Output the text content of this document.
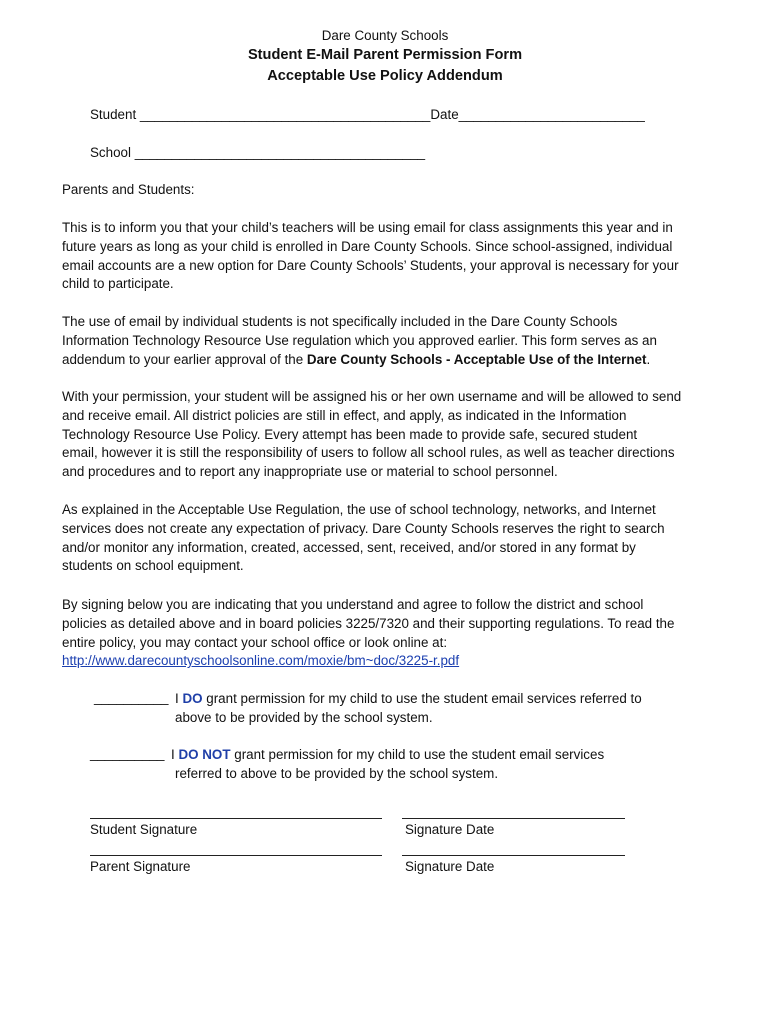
Dare County Schools
Student E-Mail Parent Permission Form
Acceptable Use Policy Addendum
Student _______________________________________Date_________________________
School _______________________________________
Parents and Students:
This is to inform you that your child’s teachers will be using email for class assignments this year and in
future years as long as your child is enrolled in Dare County Schools. Since school-assigned, individual
email accounts are a new option for Dare County Schools’ Students, your approval is necessary for your
child to participate.
The use of email by individual students is not specifically included in the Dare County Schools
Information Technology Resource Use regulation which you approved earlier. This form serves as an
addendum to your earlier approval of the Dare County Schools - Acceptable Use of the Internet.
With your permission, your student will be assigned his or her own username and will be allowed to send
and receive email. All district policies are still in effect, and apply, as indicated in the Information
Technology Resource Use Policy. Every attempt has been made to provide safe, secured student
email, however it is still the responsibility of users to follow all school rules, as well as teacher directions
and procedures and to report any inappropriate use or material to school personnel.
As explained in the Acceptable Use Regulation, the use of school technology, networks, and Internet
services does not create any expectation of privacy. Dare County Schools reserves the right to search
and/or monitor any information, created, accessed, sent, received, and/or stored in any format by
students on school equipment.
By signing below you are indicating that you understand and agree to follow the district and school
policies as detailed above and in board policies 3225/7320 and their supporting regulations. To read the
entire policy, you may contact your school office or look online at:
http://www.darecountyschoolsonline.com/moxie/bm~doc/3225-r.pdf
__________ I DO grant permission for my child to use the student email services referred to
above to be provided by the school system.
__________ I DO NOT grant permission for my child to use the student email services
referred to above to be provided by the school system.
Student Signature	Signature Date
Parent Signature	Signature Date
